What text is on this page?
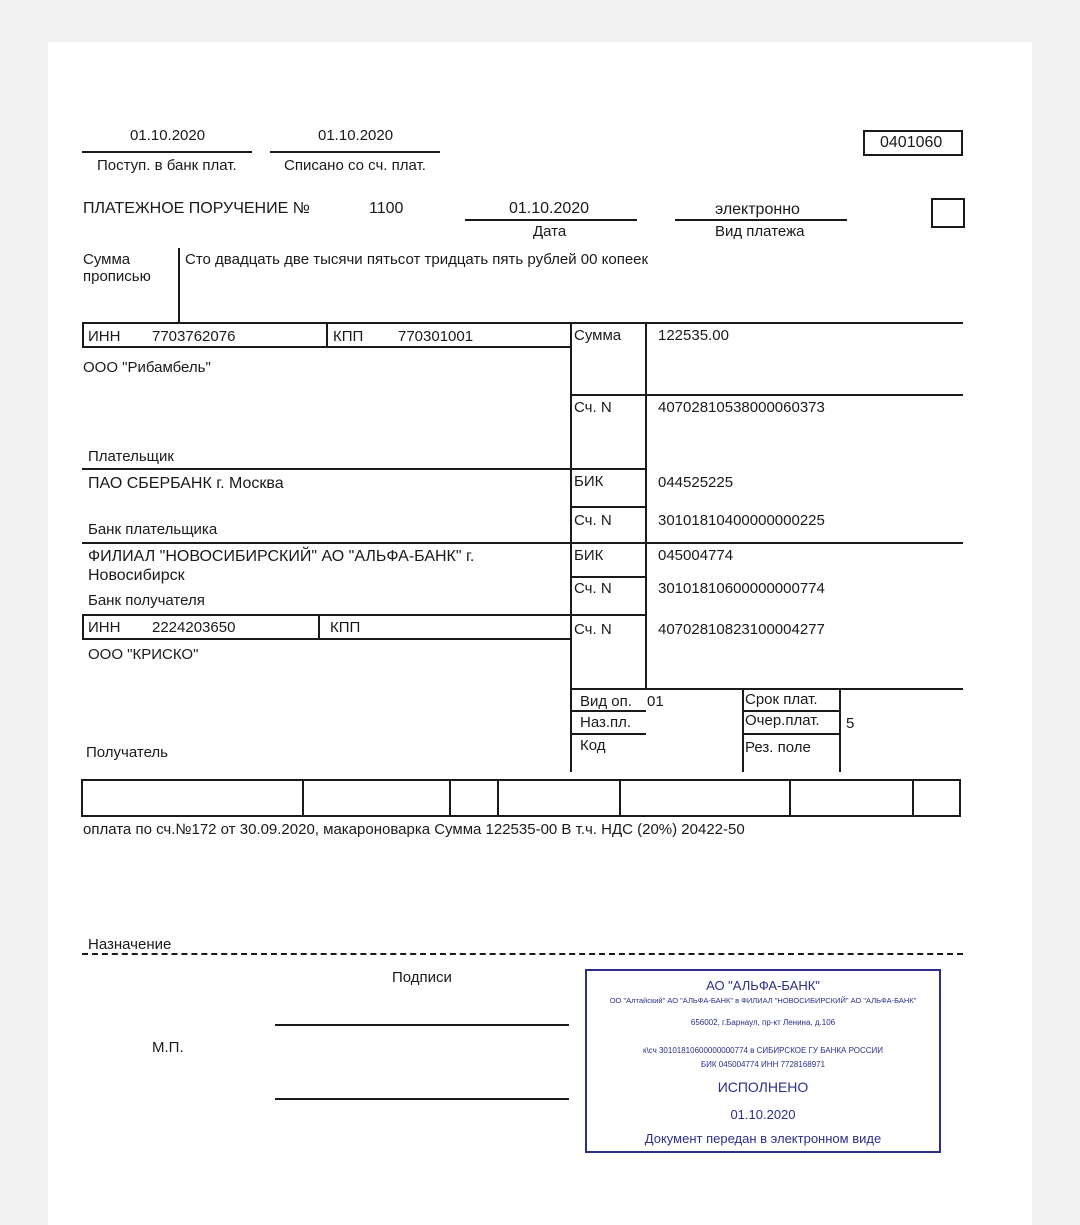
01.10.2020
Поступ. в банк плат.
01.10.2020
Списано со сч. плат.
0401060
ПЛАТЕЖНОЕ ПОРУЧЕНИЕ №	1100	01.10.2020
Дата
электронно
Вид платежа
Сумма
прописью
Сто двадцать две тысячи пятьсот тридцать пять рублей 00 копеек
ИНН 7703762076	КПП 770301001
ООО "Рибамбель"
Плательщик
Сумма 122535.00
Сч. N	40702810538000060373
ПАО СБЕРБАНК г. Москва
Банк плательщика
БИК	044525225
Сч. N	30101810400000000225
ФИЛИАЛ "НОВОСИБИРСКИЙ" АО "АЛЬФА-БАНК" г.
Новосибирск
Банк получателя
БИК	045004774
Сч. N	30101810600000000774
ИНН 2224203650	КПП
ООО "КРИСКО"
Получатель
Сч. N	40702810823100004277
Вид оп. 01
Наз.пл.
Код
Срок плат.
Очер.плат. 5
Рез. поле
оплата по сч.№172 от 30.09.2020, макароноварка Сумма 122535-00 В т.ч. НДС (20%) 20422-50
Назначение
Подписи
М.П.
АО "АЛЬФА-БАНК"
ОО "Алтайский" АО "АЛЬФА-БАНК" в ФИЛИАЛ "НОВОСИБИРСКИЙ" АО "АЛЬФА-БАНК"
656002, г.Барнаул, пр-кт Ленина, д.106
к\сч 30101810600000000774 в СИБИРСКОЕ ГУ БАНКА РОССИИ
БИК 045004774 ИНН 7728168971
ИСПОЛНЕНО
01.10.2020
Документ передан в электронном виде
